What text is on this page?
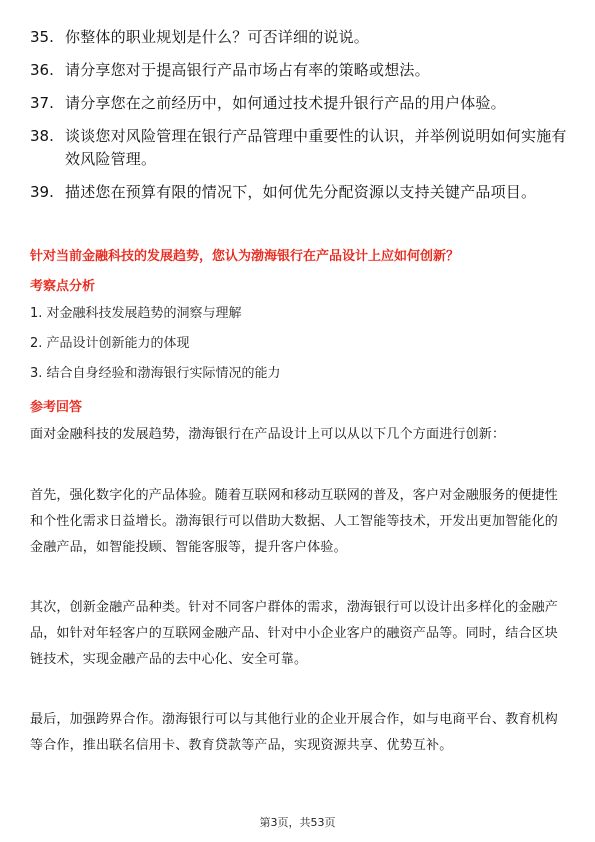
35. 你整体的职业规划是什么？可否详细的说说。
36. 请分享您对于提高银行产品市场占有率的策略或想法。
37. 请分享您在之前经历中，如何通过技术提升银行产品的用户体验。
38. 谈谈您对风险管理在银行产品管理中重要性的认识，并举例说明如何实施有效风险管理。
39. 描述您在预算有限的情况下，如何优先分配资源以支持关键产品项目。
针对当前金融科技的发展趋势，您认为渤海银行在产品设计上应如何创新？
考察点分析
1. 对金融科技发展趋势的洞察与理解
2. 产品设计创新能力的体现
3. 结合自身经验和渤海银行实际情况的能力
参考回答
面对金融科技的发展趋势，渤海银行在产品设计上可以从以下几个方面进行创新：
首先，强化数字化的产品体验。随着互联网和移动互联网的普及，客户对金融服务的便捷性和个性化需求日益增长。渤海银行可以借助大数据、人工智能等技术，开发出更加智能化的金融产品，如智能投顾、智能客服等，提升客户体验。
其次，创新金融产品种类。针对不同客户群体的需求，渤海银行可以设计出多样化的金融产品，如针对年轻客户的互联网金融产品、针对中小企业客户的融资产品等。同时，结合区块链技术，实现金融产品的去中心化、安全可靠。
最后，加强跨界合作。渤海银行可以与其他行业的企业开展合作，如与电商平台、教育机构等合作，推出联名信用卡、教育贷款等产品，实现资源共享、优势互补。
第3页，共53页
